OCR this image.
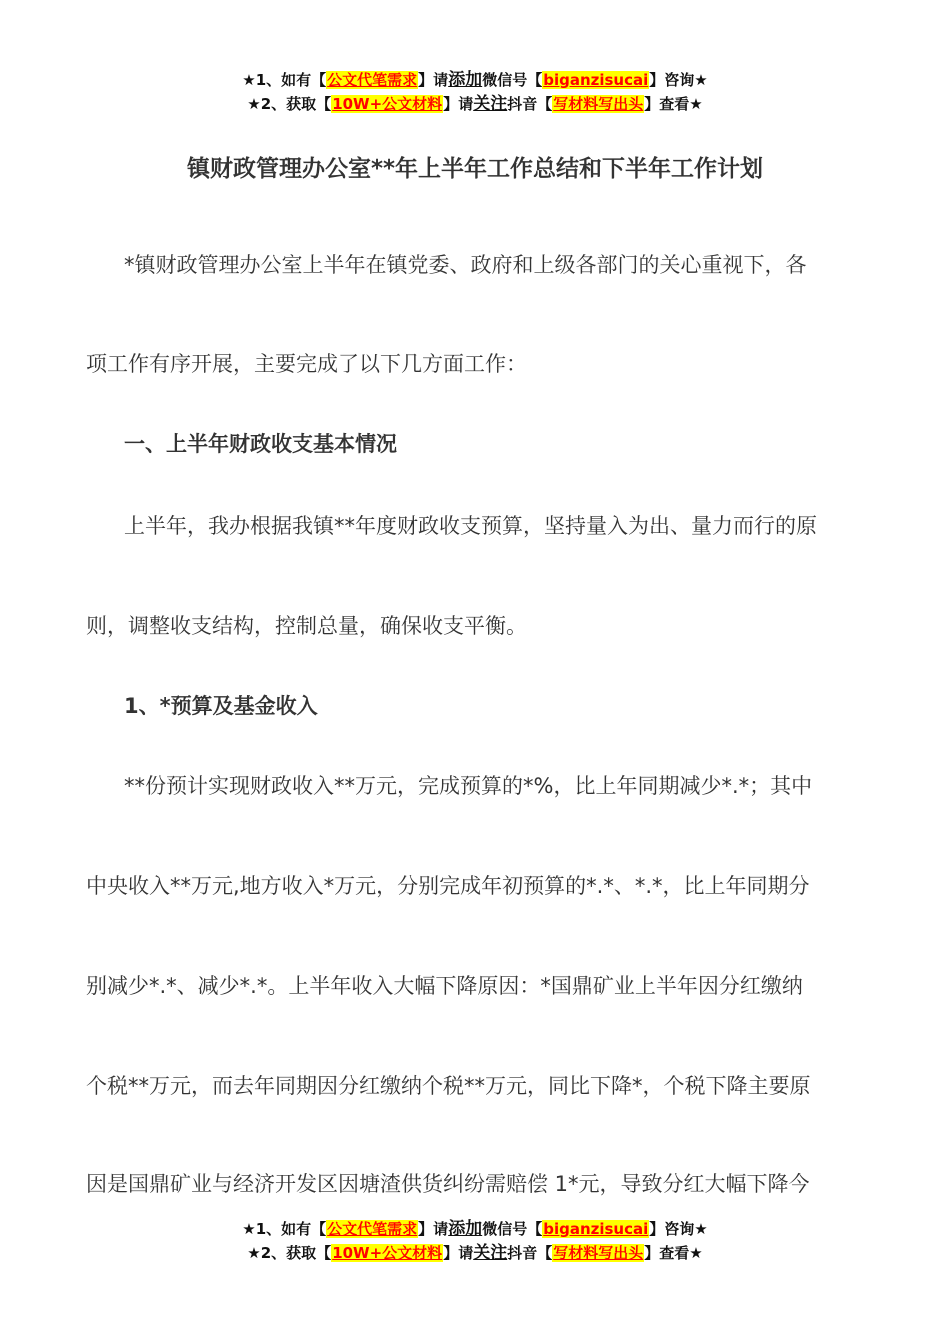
★1、如有【公文代笔需求】请添加微信号【biganzisucai】咨询★
★2、获取【10W+公文材料】请关注抖音【写材料写出头】查看★
镇财政管理办公室**年上半年工作总结和下半年工作计划
*镇财政管理办公室上半年在镇党委、政府和上级各部门的关心重视下，各
项工作有序开展，主要完成了以下几方面工作：
一、上半年财政收支基本情况
上半年，我办根据我镇**年度财政收支预算，坚持量入为出、量力而行的原
则，调整收支结构，控制总量，确保收支平衡。
1、*预算及基金收入
**份预计实现财政收入**万元，完成预算的*%，比上年同期减少*.*；其中
中央收入**万元,地方收入*万元，分别完成年初预算的*.*、*.*，比上年同期分
别减少*.*、减少*.*。上半年收入大幅下降原因：*国鼎矿业上半年因分红缴纳
个税**万元，而去年同期因分红缴纳个税**万元，同比下降*，个税下降主要原
因是国鼎矿业与经济开发区因塘渣供货纠纷需赔偿 1*元，导致分红大幅下降今
★1、如有【公文代笔需求】请添加微信号【biganzisucai】咨询★
★2、获取【10W+公文材料】请关注抖音【写材料写出头】查看★
